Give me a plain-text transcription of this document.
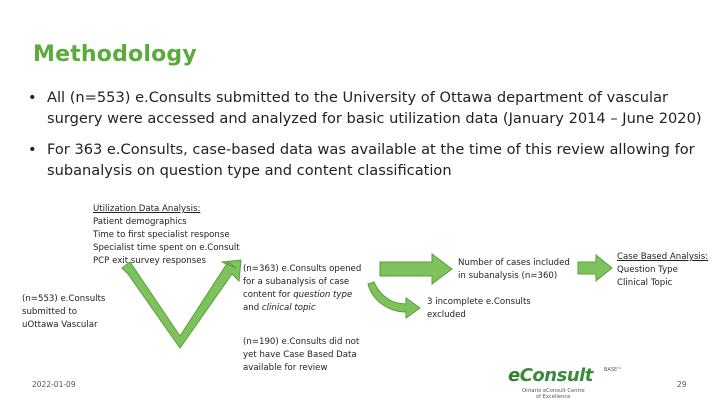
Methodology
• All (n=553) e.Consults submitted to the University of Ottawa department of vascular surgery were accessed and analyzed for basic utilization data (January 2014 – June 2020)
• For 363 e.Consults, case-based data was available at the time of this review allowing for subanalysis on question type and content classification
Utilization Data Analysis:
Patient demographics
Time to first specialist response
Specialist time spent on e.Consult
PCP exit survey responses
(n=553) e.Consults
submitted to
uOttawa Vascular
(n=363) e.Consults opened
for a subanalysis of case
content for question type
and clinical topic
(n=190) e.Consults did not
yet have Case Based Data
available for review
Number of cases included
in subanalysis (n=360)
3 incomplete e.Consults
excluded
Case Based Analysis:
Question Type
Clinical Topic
2022-01-09	eConsult BASE™
Ontario eConsult Centre
of Excellence
29
